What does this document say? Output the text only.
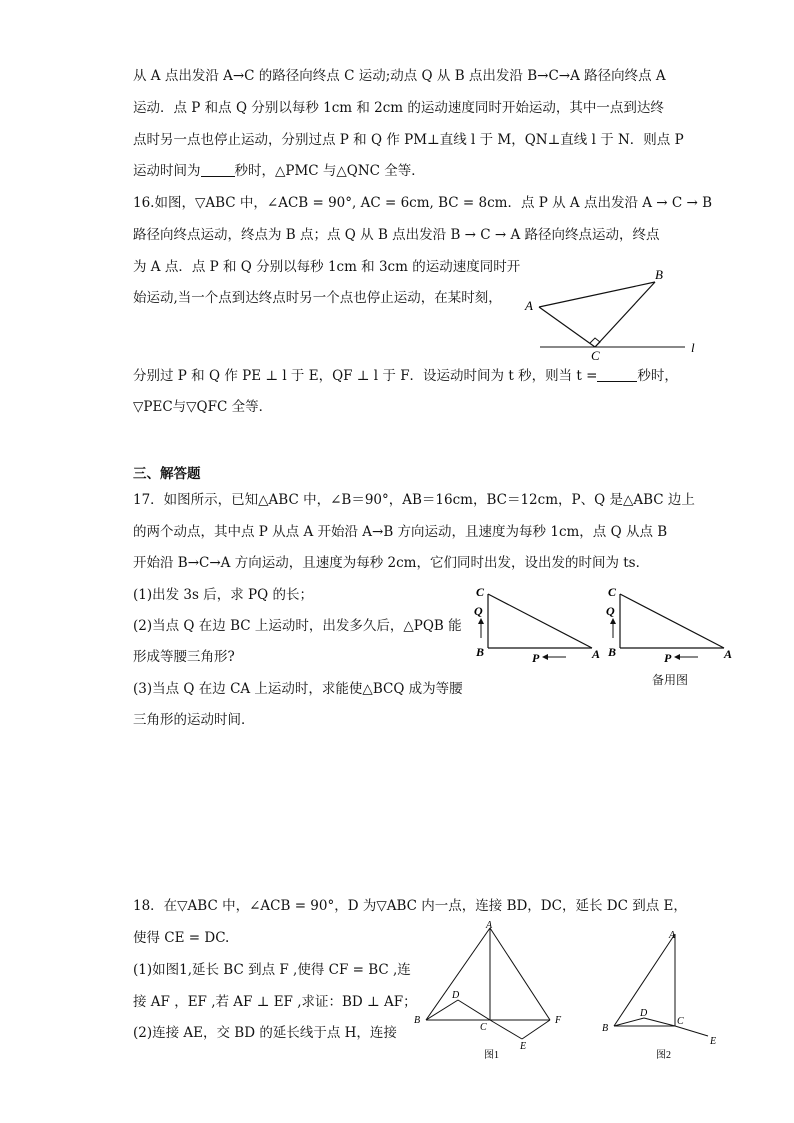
从 A 点出发沿 A→C 的路径向终点 C 运动;动点 Q 从 B 点出发沿 B→C→A 路径向终点 A
运动．点 P 和点 Q 分别以每秒 1cm 和 2cm 的运动速度同时开始运动，其中一点到达终
点时另一点也停止运动，分别过点 P 和 Q 作 PM⊥直线 l 于 M，QN⊥直线 l 于 N．则点 P
运动时间为	秒时，△PMC 与△QNC 全等．
16.如图，▽ABC 中，∠ACB = 90°, AC = 6cm, BC = 8cm．点 P 从 A 点出发沿 A → C → B
路径向终点运动，终点为 B 点；点 Q 从 B 点出发沿 B → C → A 路径向终点运动，终点
为 A 点．点 P 和 Q 分别以每秒 1cm 和 3cm 的运动速度同时开
始运动,当一个点到达终点时另一个点也停止运动，在某时刻， A
B
C
l
分别过 P 和 Q 作 PE ⊥ l 于 E，QF ⊥ l 于 F．设运动时间为 t 秒，则当 t =	秒时，
▽PEC与▽QFC 全等．
三、解答题
17．如图所示，已知△ABC 中，∠B＝90°，AB＝16cm，BC＝12cm，P、Q 是△ABC 边上
的两个动点，其中点 P 从点 A 开始沿 A→B 方向运动，且速度为每秒 1cm，点 Q 从点 B
开始沿 B→C→A 方向运动，且速度为每秒 2cm，它们同时出发，设出发的时间为 ts．
(1)出发 3s 后，求 PQ 的长；
(2)当点 Q 在边 BC 上运动时，出发多久后，△PQB 能
形成等腰三角形?
(3)当点 Q 在边 CA 上运动时，求能使△BCQ 成为等腰
三角形的运动时间．
C
Q
B	P	A
C
Q
B	P	A
备用图
18．在▽ABC 中，∠ACB = 90°，D 为▽ABC 内一点，连接 BD，DC，延长 DC 到点 E，
使得 CE = DC.
(1)如图1,延长 BC 到点 F ,使得 CF = BC ,连
接 AF ，EF ,若 AF ⊥ EF ,求证：BD ⊥ AF；
(2)连接 AE，交 BD 的延长线于点 H，连接
A
B
C
D
E
F
图1
A
B
C
D
E
图2
